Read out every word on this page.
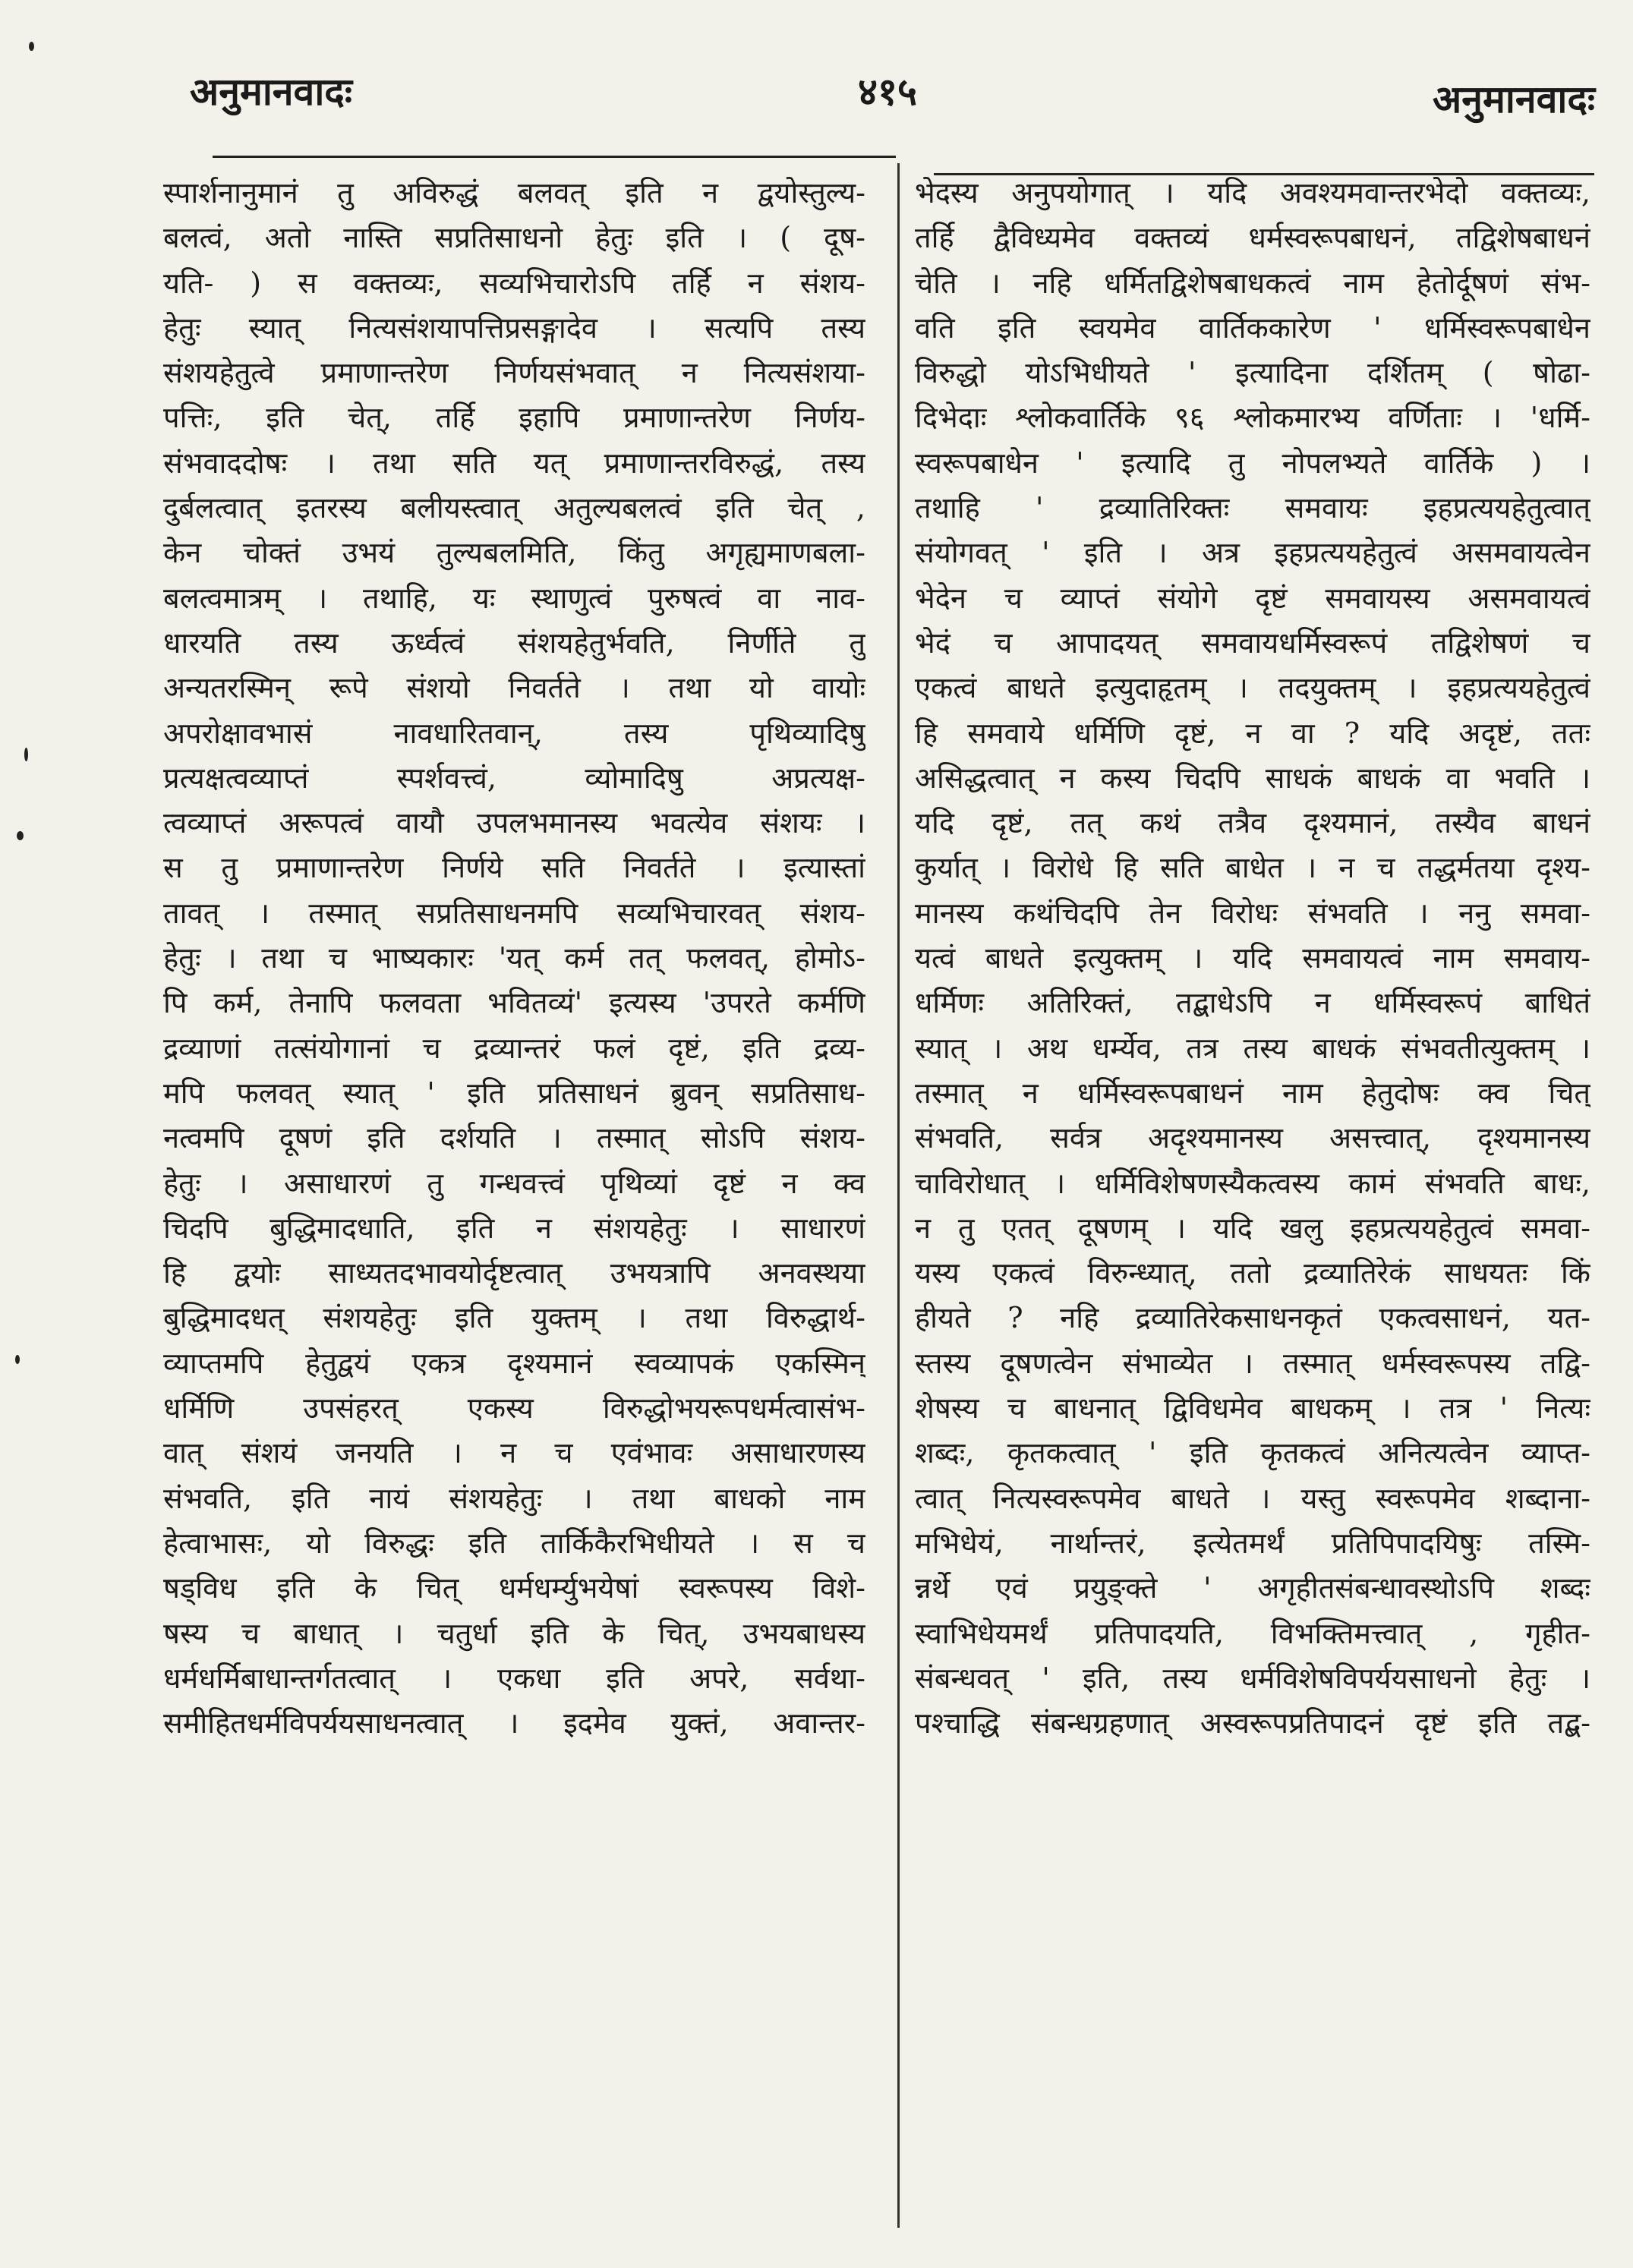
अनुमानवादः	४१५	अनुमानवादः
स्पार्शनानुमानं तु अविरुद्धं बलवत् इति न द्वयोस्तुल्य-
बलत्वं, अतो नास्ति सप्रतिसाधनो हेतुः इति । ( दूष-
यति- ) स वक्तव्यः, सव्यभिचारोऽपि तर्हि न संशय-
हेतुः स्यात् नित्यसंशयापत्तिप्रसङ्गादेव । सत्यपि तस्य
संशयहेतुत्वे प्रमाणान्तरेण निर्णयसंभवात् न नित्यसंशया-
पत्तिः, इति चेत्, तर्हि इहापि प्रमाणान्तरेण निर्णय-
संभवाददोषः । तथा सति यत् प्रमाणान्तरविरुद्धं, तस्य
दुर्बलत्वात् इतरस्य बलीयस्त्वात् अतुल्यबलत्वं इति चेत् ,
केन चोक्तं उभयं तुल्यबलमिति, किंतु अगृह्यमाणबला-
बलत्वमात्रम् । तथाहि, यः स्थाणुत्वं पुरुषत्वं वा नाव-
धारयति तस्य ऊर्ध्वत्वं संशयहेतुर्भवति, निर्णीते तु
अन्यतरस्मिन् रूपे संशयो निवर्तते । तथा यो वायोः
अपरोक्षावभासं नावधारितवान्, तस्य पृथिव्यादिषु
प्रत्यक्षत्वव्याप्तं स्पर्शवत्त्वं, व्योमादिषु अप्रत्यक्ष-
त्वव्याप्तं अरूपत्वं वायौ उपलभमानस्य भवत्येव संशयः ।
स तु प्रमाणान्तरेण निर्णये सति निवर्तते । इत्यास्तां
तावत् । तस्मात् सप्रतिसाधनमपि सव्यभिचारवत् संशय-
हेतुः । तथा च भाष्यकारः 'यत् कर्म तत् फलवत्, होमोऽ-
पि कर्म, तेनापि फलवता भवितव्यं' इत्यस्य 'उपरते कर्मणि
द्रव्याणां तत्संयोगानां च द्रव्यान्तरं फलं दृष्टं, इति द्रव्य-
मपि फलवत् स्यात् ' इति प्रतिसाधनं ब्रुवन् सप्रतिसाध-
नत्वमपि दूषणं इति दर्शयति । तस्मात् सोऽपि संशय-
हेतुः । असाधारणं तु गन्धवत्त्वं पृथिव्यां दृष्टं न क्व
चिदपि बुद्धिमादधाति, इति न संशयहेतुः । साधारणं
हि द्वयोः साध्यतदभावयोर्दृष्टत्वात् उभयत्रापि अनवस्थया
बुद्धिमादधत् संशयहेतुः इति युक्तम् । तथा विरुद्धार्थ-
व्याप्तमपि हेतुद्वयं एकत्र दृश्यमानं स्वव्यापकं एकस्मिन्
धर्मिणि उपसंहरत् एकस्य विरुद्धोभयरूपधर्मत्वासंभ-
वात् संशयं जनयति । न च एवंभावः असाधारणस्य
संभवति, इति नायं संशयहेतुः । तथा बाधको नाम
हेत्वाभासः, यो विरुद्धः इति तार्किकैरभिधीयते । स च
षड्विध इति के चित् धर्मधर्म्युभयेषां स्वरूपस्य विशे-
षस्य च बाधात् । चतुर्धा इति के चित्, उभयबाधस्य
धर्मधर्मिबाधान्तर्गतत्वात् । एकधा इति अपरे, सर्वथा-
समीहितधर्मविपर्ययसाधनत्वात् । इदमेव युक्तं, अवान्तर-
भेदस्य अनुपयोगात् । यदि अवश्यमवान्तरभेदो वक्तव्यः,
तर्हि द्वैविध्यमेव वक्तव्यं धर्मस्वरूपबाधनं, तद्विशेषबाधनं
चेति । नहि धर्मितद्विशेषबाधकत्वं नाम हेतोर्दूषणं संभ-
वति इति स्वयमेव वार्तिककारेण ' धर्मिस्वरूपबाधेन
विरुद्धो योऽभिधीयते ' इत्यादिना दर्शितम् ( षोढा-
दिभेदाः श्लोकवार्तिके ९६ श्लोकमारभ्य वर्णिताः । 'धर्मि-
स्वरूपबाधेन ' इत्यादि तु नोपलभ्यते वार्तिके ) ।
तथाहि ' द्रव्यातिरिक्तः समवायः इहप्रत्ययहेतुत्वात्
संयोगवत् ' इति । अत्र इहप्रत्ययहेतुत्वं असमवायत्वेन
भेदेन च व्याप्तं संयोगे दृष्टं समवायस्य असमवायत्वं
भेदं च आपादयत् समवायधर्मिस्वरूपं तद्विशेषणं च
एकत्वं बाधते इत्युदाहृतम् । तदयुक्तम् । इहप्रत्ययहेतुत्वं
हि समवाये धर्मिणि दृष्टं, न वा ? यदि अदृष्टं, ततः
असिद्धत्वात् न कस्य चिदपि साधकं बाधकं वा भवति ।
यदि दृष्टं, तत् कथं तत्रैव दृश्यमानं, तस्यैव बाधनं
कुर्यात् । विरोधे हि सति बाधेत । न च तद्धर्मतया दृश्य-
मानस्य कथंचिदपि तेन विरोधः संभवति । ननु समवा-
यत्वं बाधते इत्युक्तम् । यदि समवायत्वं नाम समवाय-
धर्मिणः अतिरिक्तं, तद्बाधेऽपि न धर्मिस्वरूपं बाधितं
स्यात् । अथ धर्म्येव, तत्र तस्य बाधकं संभवतीत्युक्तम् ।
तस्मात् न धर्मिस्वरूपबाधनं नाम हेतुदोषः क्व चित्
संभवति, सर्वत्र अदृश्यमानस्य असत्त्वात्, दृश्यमानस्य
चाविरोधात् । धर्मिविशेषणस्यैकत्वस्य कामं संभवति बाधः,
न तु एतत् दूषणम् । यदि खलु इहप्रत्ययहेतुत्वं समवा-
यस्य एकत्वं विरुन्ध्यात्, ततो द्रव्यातिरेकं साधयतः किं
हीयते ? नहि द्रव्यातिरेकसाधनकृतं एकत्वसाधनं, यत-
स्तस्य दूषणत्वेन संभाव्येत । तस्मात् धर्मस्वरूपस्य तद्वि-
शेषस्य च बाधनात् द्विविधमेव बाधकम् । तत्र ' नित्यः
शब्दः, कृतकत्वात् ' इति कृतकत्वं अनित्यत्वेन व्याप्त-
त्वात् नित्यस्वरूपमेव बाधते । यस्तु स्वरूपमेव शब्दाना-
मभिधेयं, नार्थान्तरं, इत्येतमर्थं प्रतिपिपादयिषुः तस्मि-
न्नर्थे एवं प्रयुङ्क्ते ' अगृहीतसंबन्धावस्थोऽपि शब्दः
स्वाभिधेयमर्थं प्रतिपादयति, विभक्तिमत्त्वात् , गृहीत-
संबन्धवत् ' इति, तस्य धर्मविशेषविपर्ययसाधनो हेतुः ।
पश्चाद्धि संबन्धग्रहणात् अस्वरूपप्रतिपादनं दृष्टं इति तद्ब-
